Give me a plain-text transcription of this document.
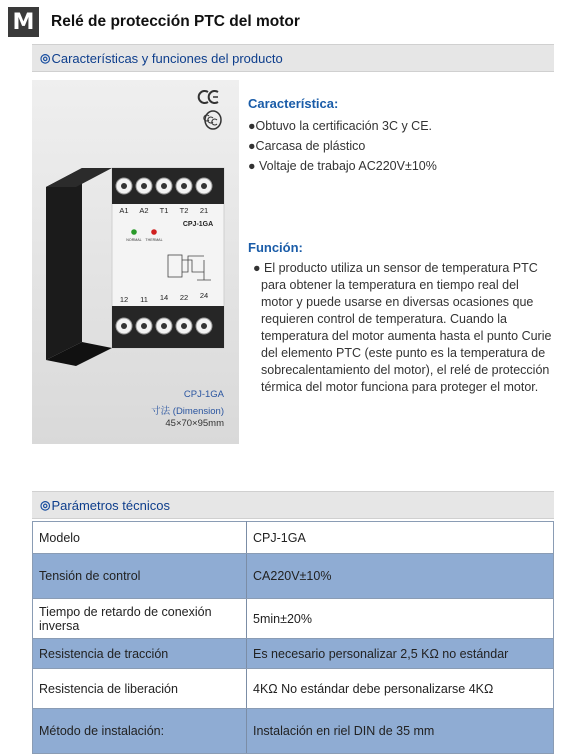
M Relé de protección PTC del motor
◎ Características y funciones del producto
A1 A2 T1 T2 21
CPJ-1GA
NORMAL THERMAL
12 11 14 22 24
CPJ-1GA
寸法 (Dimension)
45×70×95mm
Característica:
●Obtuvo la certificación 3C y CE.
●Carcasa de plástico
● Voltaje de trabajo AC220V±10%
Función:
● El producto utiliza un sensor de temperatura PTC para obtener la temperatura en tiempo real del motor y puede usarse en diversas ocasiones que requieren control de temperatura. Cuando la temperatura del motor aumenta hasta el punto Curie del elemento PTC (este punto es la temperatura de sobrecalentamiento del motor), el relé de protección térmica del motor funciona para proteger el motor.
◎ Parámetros técnicos
Modelo	CPJ-1GA
Tensión de control	CA220V±10%
Tiempo de retardo de conexión inversa	5min±20%
Resistencia de tracción	Es necesario personalizar 2,5 KΩ no estándar
Resistencia de liberación	4KΩ No estándar debe personalizarse 4KΩ
Método de instalación:	Instalación en riel DIN de 35 mm
